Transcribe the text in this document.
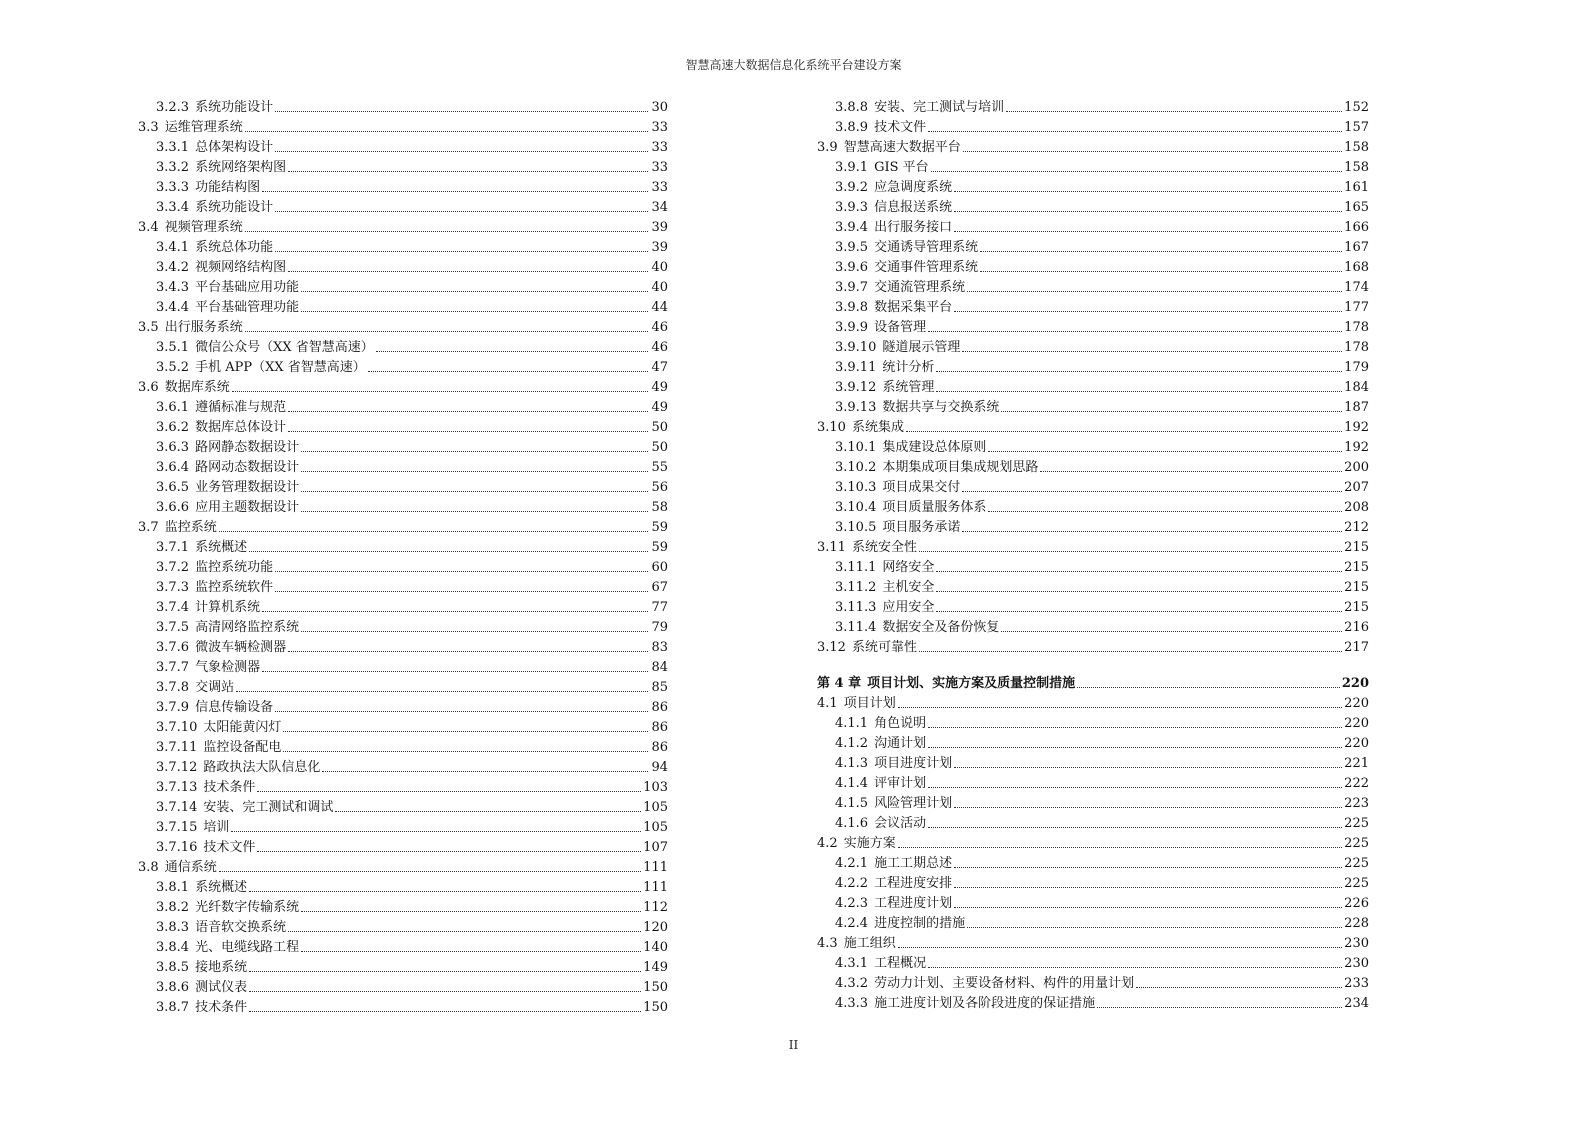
智慧高速大数据信息化系统平台建设方案
3.2.3 系统功能设计	30
3.3 运维管理系统	33
3.3.1 总体架构设计	33
3.3.2 系统网络架构图	33
3.3.3 功能结构图	33
3.3.4 系统功能设计	34
3.4 视频管理系统	39
3.4.1 系统总体功能	39
3.4.2 视频网络结构图	40
3.4.3 平台基础应用功能	40
3.4.4 平台基础管理功能	44
3.5 出行服务系统	46
3.5.1 微信公众号（XX 省智慧高速）	46
3.5.2 手机 APP（XX 省智慧高速）	47
3.6 数据库系统	49
3.6.1 遵循标准与规范	49
3.6.2 数据库总体设计	50
3.6.3 路网静态数据设计	50
3.6.4 路网动态数据设计	55
3.6.5 业务管理数据设计	56
3.6.6 应用主题数据设计	58
3.7 监控系统	59
3.7.1 系统概述	59
3.7.2 监控系统功能	60
3.7.3 监控系统软件	67
3.7.4 计算机系统	77
3.7.5 高清网络监控系统	79
3.7.6 微波车辆检测器	83
3.7.7 气象检测器	84
3.7.8 交调站	85
3.7.9 信息传输设备	86
3.7.10 太阳能黄闪灯	86
3.7.11 监控设备配电	86
3.7.12 路政执法大队信息化	94
3.7.13 技术条件	103
3.7.14 安装、完工测试和调试	105
3.7.15 培训	105
3.7.16 技术文件	107
3.8 通信系统	111
3.8.1 系统概述	111
3.8.2 光纤数字传输系统	112
3.8.3 语音软交换系统	120
3.8.4 光、电缆线路工程	140
3.8.5 接地系统	149
3.8.6 测试仪表	150
3.8.7 技术条件	150
3.8.8 安装、完工测试与培训	152
3.8.9 技术文件	157
3.9 智慧高速大数据平台	158
3.9.1 GIS 平台	158
3.9.2 应急调度系统	161
3.9.3 信息报送系统	165
3.9.4 出行服务接口	166
3.9.5 交通诱导管理系统	167
3.9.6 交通事件管理系统	168
3.9.7 交通流管理系统	174
3.9.8 数据采集平台	177
3.9.9 设备管理	178
3.9.10 隧道展示管理	178
3.9.11 统计分析	179
3.9.12 系统管理	184
3.9.13 数据共享与交换系统	187
3.10 系统集成	192
3.10.1 集成建设总体原则	192
3.10.2 本期集成项目集成规划思路	200
3.10.3 项目成果交付	207
3.10.4 项目质量服务体系	208
3.10.5 项目服务承诺	212
3.11 系统安全性	215
3.11.1 网络安全	215
3.11.2 主机安全	215
3.11.3 应用安全	215
3.11.4 数据安全及备份恢复	216
3.12 系统可靠性	217
第 4 章 项目计划、实施方案及质量控制措施	220
4.1 项目计划	220
4.1.1 角色说明	220
4.1.2 沟通计划	220
4.1.3 项目进度计划	221
4.1.4 评审计划	222
4.1.5 风险管理计划	223
4.1.6 会议活动	225
4.2 实施方案	225
4.2.1 施工工期总述	225
4.2.2 工程进度安排	225
4.2.3 工程进度计划	226
4.2.4 进度控制的措施	228
4.3 施工组织	230
4.3.1 工程概况	230
4.3.2 劳动力计划、主要设备材料、构件的用量计划	233
4.3.3 施工进度计划及各阶段进度的保证措施	234
II
